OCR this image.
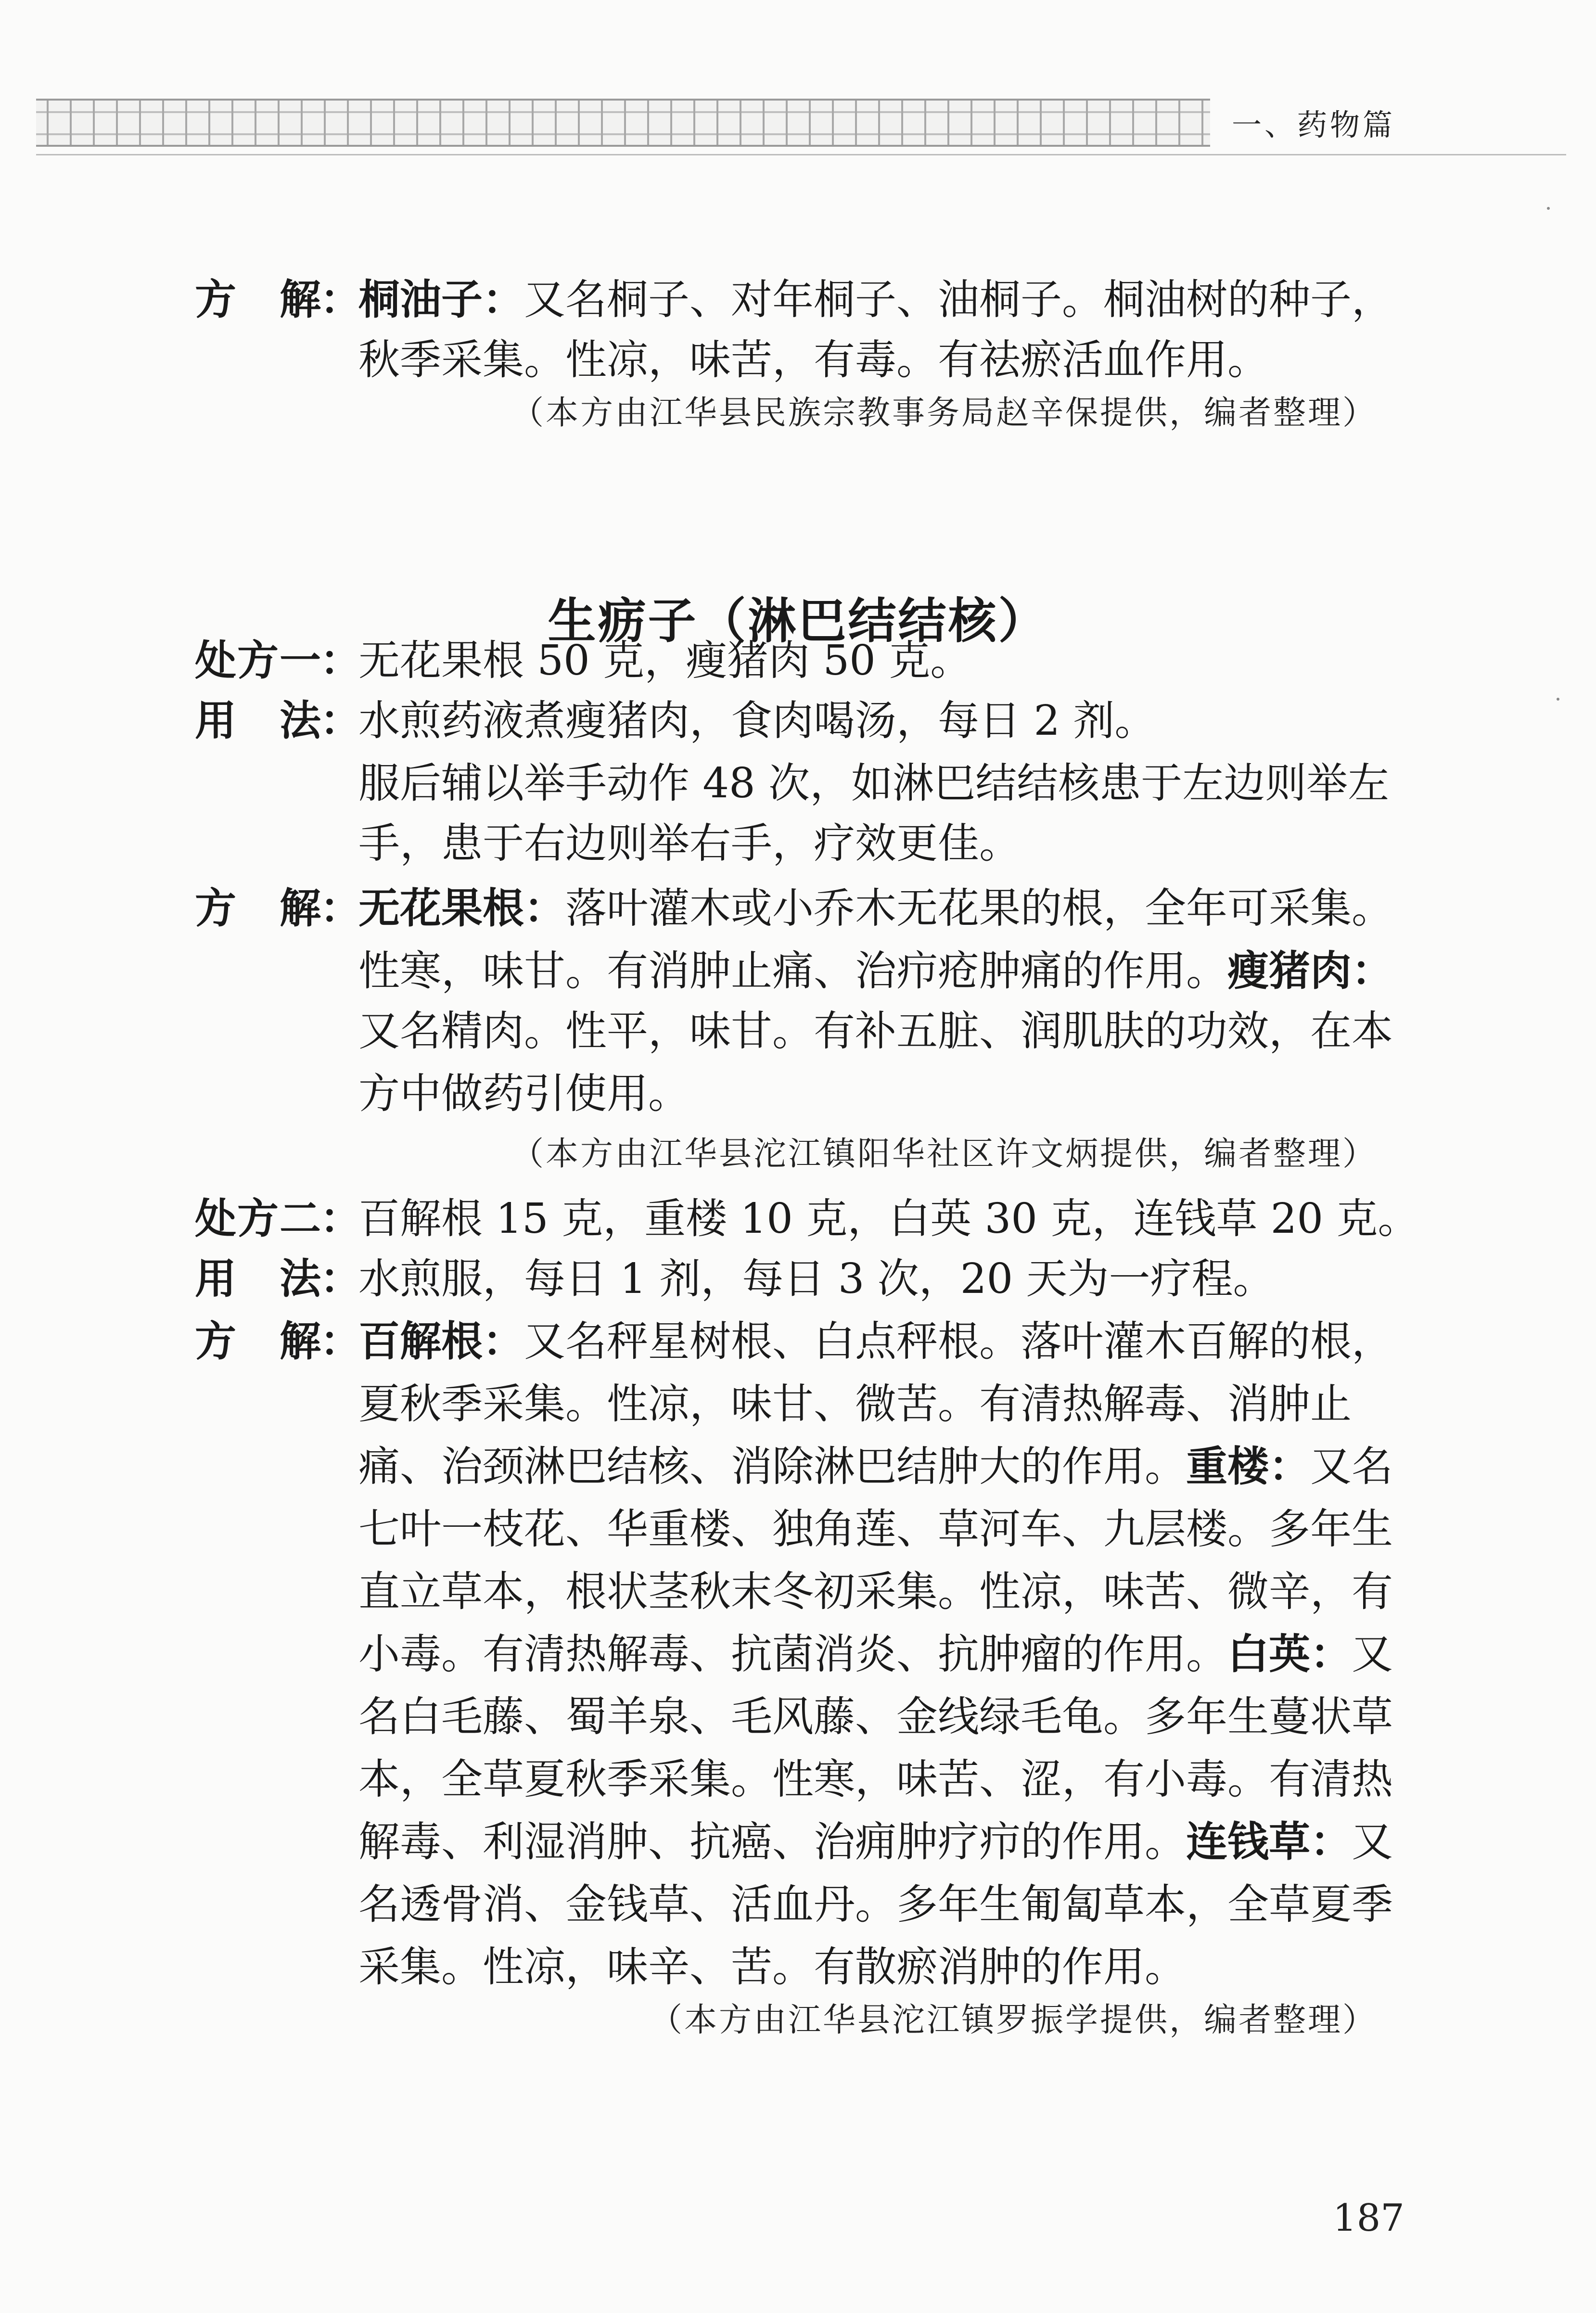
一、药物篇
方　解
：
桐油子：又名桐子、对年桐子、油桐子。桐油树的种子，
秋季采集。性凉，味苦，有毒。有祛瘀活血作用。
（本方由江华县民族宗教事务局赵辛保提供，编者整理）
生疬子（淋巴结结核）
处方一
：
无花果根 50 克，瘦猪肉 50 克。
用　法
：
水煎药液煮瘦猪肉，食肉喝汤，每日 2 剂。
服后辅以举手动作 48 次，如淋巴结结核患于左边则举左
手，患于右边则举右手，疗效更佳。
方　解
：
无花果根：落叶灌木或小乔木无花果的根，全年可采集。
性寒，味甘。有消肿止痛、治疖疮肿痛的作用。瘦猪肉：
又名精肉。性平，味甘。有补五脏、润肌肤的功效，在本
方中做药引使用。
（本方由江华县沱江镇阳华社区许文炳提供，编者整理）
处方二
：
百解根 15 克，重楼 10 克，白英 30 克，连钱草 20 克。
用　法
：
水煎服，每日 1 剂，每日 3 次，20 天为一疗程。
方　解
：
百解根：又名秤星树根、白点秤根。落叶灌木百解的根，
夏秋季采集。性凉，味甘、微苦。有清热解毒、消肿止
痛、治颈淋巴结核、消除淋巴结肿大的作用。重楼：又名
七叶一枝花、华重楼、独角莲、草河车、九层楼。多年生
直立草本，根状茎秋末冬初采集。性凉，味苦、微辛，有
小毒。有清热解毒、抗菌消炎、抗肿瘤的作用。白英：又
名白毛藤、蜀羊泉、毛风藤、金线绿毛龟。多年生蔓状草
本，全草夏秋季采集。性寒，味苦、涩，有小毒。有清热
解毒、利湿消肿、抗癌、治痈肿疗疖的作用。连钱草：又
名透骨消、金钱草、活血丹。多年生匍匐草本，全草夏季
采集。性凉，味辛、苦。有散瘀消肿的作用。
（本方由江华县沱江镇罗振学提供，编者整理）
187
